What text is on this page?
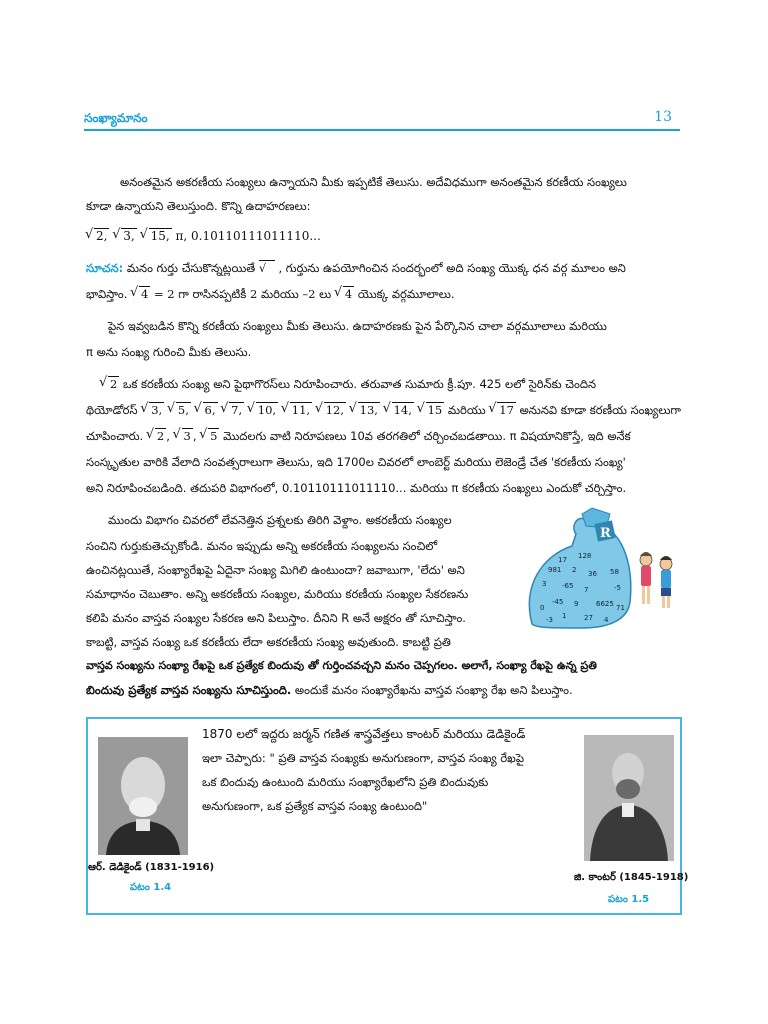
సంఖ్యామానం	13
అనంతమైన అకరణీయ సంఖ్యలు ఉన్నాయని మీకు ఇప్పటికే తెలుసు. అదేవిధముగా అనంతమైన కరణీయ సంఖ్యలు
కూడా ఉన్నాయని తెలుస్తుంది. కొన్ని ఉదాహరణలు:
√ 2, √ 3, √ 15, π, 0.10110111011110...
సూచన: మనం గుర్తు చేసుకొన్నట్లయితే √ , గుర్తును ఉపయోగించిన సందర్భంలో అది సంఖ్య యొక్క ధన వర్గ మూలం అని
భావిస్తాం. √ 4 = 2 గా రాసినప్పటికీ 2 మరియు –2 లు √ 4 యొక్క వర్గమూలాలు.
పైన ఇవ్వబడిన కొన్ని కరణీయ సంఖ్యలు మీకు తెలుసు. ఉదాహరణకు పైన పేర్కొనిన చాలా వర్గమూలాలు మరియు
π అను సంఖ్య గురించి మీకు తెలుసు.
√ 2 ఒక కరణీయ సంఖ్య అని పైథాగొరస్‌లు నిరూపించారు. తరువాత సుమారు క్రీ.పూ. 425 లలో సైరిన్‌కు చెందిన
థియోడోరస్ √ 3, √ 5, √ 6, √ 7, √ 10, √ 11, √ 12, √ 13, √ 14, √ 15 మరియు √ 17 అనునవి కూడా కరణీయ సంఖ్యలుగా
చూపించారు. √ 2 , √ 3 , √ 5 మొదలగు వాటి నిరూపణలు 10వ తరగతిలో చర్చించబడతాయి. π విషయానికొస్తే, ఇది అనేక
సంస్కృతుల వారికి వేలాది సంవత్సరాలుగా తెలుసు, ఇది 1700ల చివరలో లాంబెర్ట్ మరియు లెజెండ్రే చేత 'కరణీయ సంఖ్య'
అని నిరూపించబడింది. తదుపరి విభాగంలో, 0.10110111011110... మరియు π కరణీయ సంఖ్యలు ఎందుకో చర్చిస్తాం.
ముందు విభాగం చివరలో లేవనెత్తిన ప్రశ్నలకు తిరిగి వెళ్దాం. అకరణీయ సంఖ్యల
సంచిని గుర్తుకుతెచ్చుకోండి. మనం ఇప్పుడు అన్ని అకరణీయ సంఖ్యలను సంచిలో
ఉంచినట్లయితే, సంఖ్యారేఖపై ఏదైనా సంఖ్య మిగిలి ఉంటుందా? జవాబుగా, 'లేదు' అని
సమాధానం చెబుతాం. అన్ని అకరణీయ సంఖ్యల, మరియు కరణీయ సంఖ్యల సేకరణను
కలిపి మనం వాస్తవ సంఖ్యల సేకరణ అని పిలుస్తాం. దీనిని R అనే అక్షరం తో సూచిస్తాం.
కాబట్టి, వాస్తవ సంఖ్య ఒక కరణీయ లేదా అకరణీయ సంఖ్య అవుతుంది. కాబట్టి ప్రతి
వాస్తవ సంఖ్యను సంఖ్యా రేఖపై ఒక ప్రత్యేక బిందువు తో గుర్తించవచ్చని మనం చెప్పగలం. అలాగే, సంఖ్యా రేఖపై ఉన్న ప్రతి
బిందువు ప్రత్యేక వాస్తవ సంఖ్యను సూచిస్తుంది. అందుకే మనం సంఖ్యారేఖను వాస్తవ సంఖ్యా రేఖ అని పిలుస్తాం.
R
17 128
981 2 36 58
3 -65 7	-5
6625
-45 9
0	71
1	27 4
-3
1870 లలో ఇద్దరు జర్మన్ గణిత శాస్త్రవేత్తలు కాంటర్ మరియు డెడికైండ్
ఇలా చెప్పారు: " ప్రతి వాస్తవ సంఖ్యకు అనుగుణంగా, వాస్తవ సంఖ్య రేఖపై
ఒక బిందువు ఉంటుంది మరియు సంఖ్యారేఖలోని ప్రతి బిందువుకు
అనుగుణంగా, ఒక ప్రత్యేక వాస్తవ సంఖ్య ఉంటుంది"
ఆర్. డెడికైండ్ (1831-1916)
పటం 1.4
జి. కాంటర్ (1845-1918)
పటం 1.5
